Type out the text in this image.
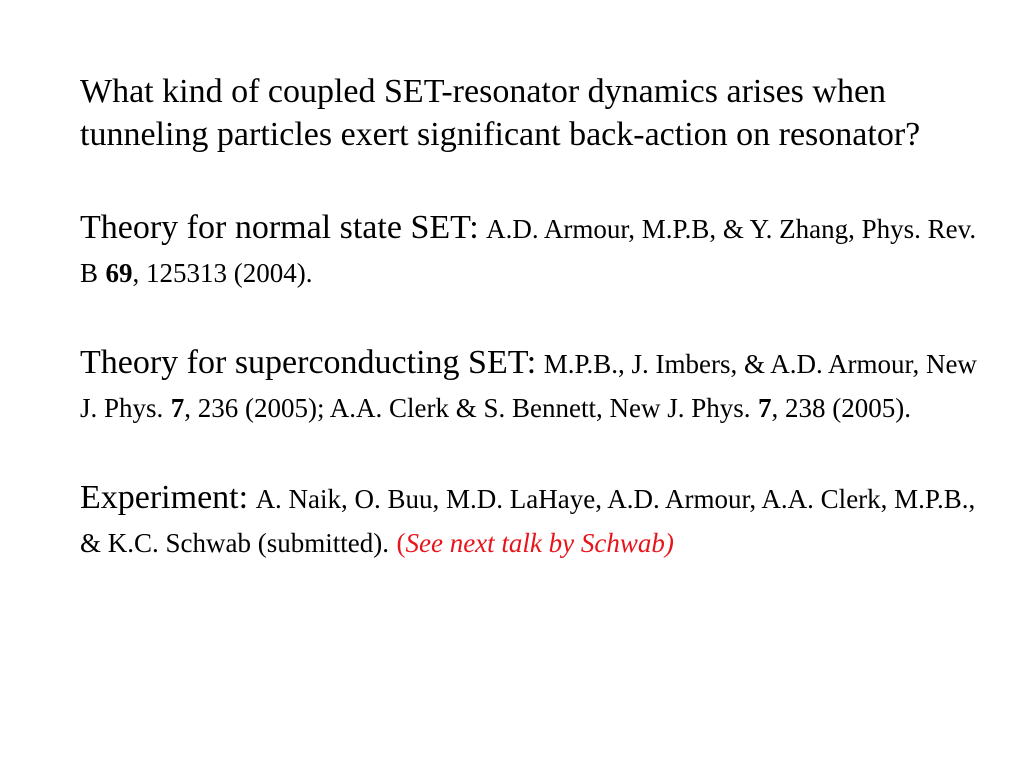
What kind of coupled SET-resonator dynamics arises when tunneling particles exert significant back-action on resonator?

Theory for normal state SET: A.D. Armour, M.P.B, & Y. Zhang, Phys. Rev. B 69, 125313 (2004).

Theory for superconducting SET: M.P.B., J. Imbers, & A.D. Armour, New J. Phys. 7, 236 (2005); A.A. Clerk & S. Bennett, New J. Phys. 7, 238 (2005).

Experiment: A. Naik, O. Buu, M.D. LaHaye, A.D. Armour, A.A. Clerk, M.P.B., & K.C. Schwab (submitted). (See next talk by Schwab)
